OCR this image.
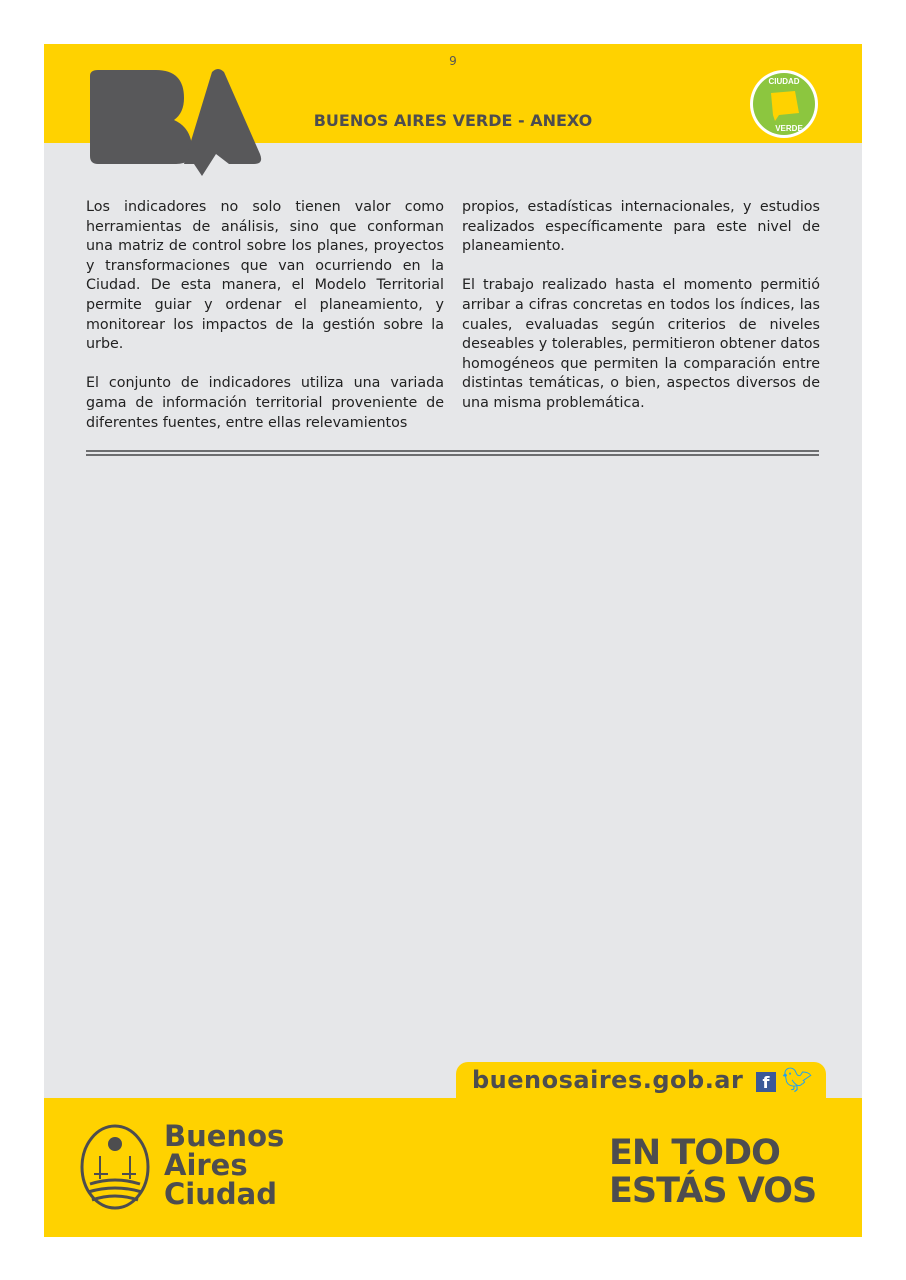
9
BUENOS AIRES VERDE - ANEXO
CIUDAD
VERDE

Los indicadores no solo tienen valor como herramientas de análisis, sino que conforman una matriz de control sobre los planes, proyectos y transformaciones que van ocurriendo en la Ciudad. De esta manera, el Modelo Territorial permite guiar y ordenar el planeamiento, y monitorear los impactos de la gestión sobre la urbe.

El conjunto de indicadores utiliza una variada gama de información territorial proveniente de diferentes fuentes, entre ellas relevamientos

propios, estadísticas internacionales, y estudios realizados específicamente para este nivel de planeamiento.

El trabajo realizado hasta el momento permitió arribar a cifras concretas en todos los índices, las cuales, evaluadas según criterios de niveles deseables y tolerables, permitieron obtener datos homogéneos que permiten la comparación entre distintas temáticas, o bien, aspectos diversos de una misma problemática.

buenosaires.gob.ar	f 🐦︎
Buenos
Aires
Ciudad
EN TODO
ESTÁS VOS
